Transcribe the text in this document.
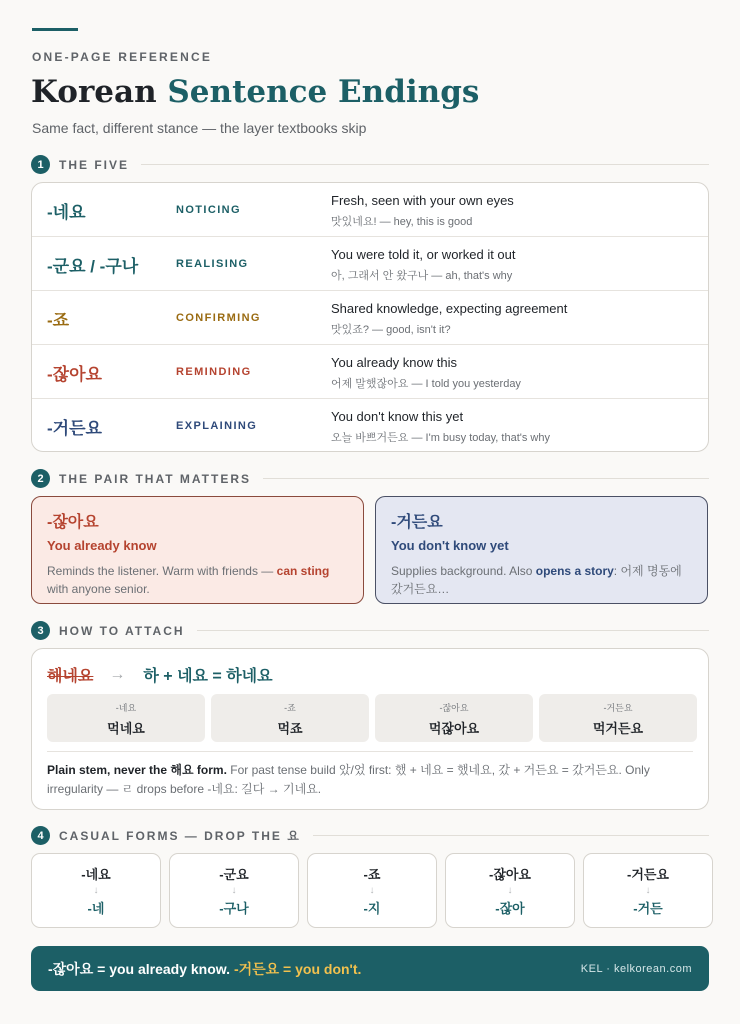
ONE-PAGE REFERENCE
Korean Sentence Endings
Same fact, different stance — the layer textbooks skip
1	THE FIVE
-네요	NOTICING
Fresh, seen with your own eyes
맛있네요! — hey, this is good
-군요 / -구나	REALISING
You were told it, or worked it out
아, 그래서 안 왔구나 — ah, that's why
-죠	CONFIRMING
Shared knowledge, expecting agreement
맛있죠? — good, isn't it?
-잖아요	REMINDING
You already know this
어제 말했잖아요 — I told you yesterday
-거든요	EXPLAINING
You don't know this yet
오늘 바쁘거든요 — I'm busy today, that's why
2	THE PAIR THAT MATTERS
-잖아요
You already know
Reminds the listener. Warm with friends — can sting with anyone senior.
-거든요
You don't know yet
Supplies background. Also opens a story: 어제 명동에 갔거든요…
3	HOW TO ATTACH
해네요 → 하 + 네요 = 하네요
-네요
먹네요
-죠
먹죠
-잖아요
먹잖아요
-거든요
먹거든요
Plain stem, never the 해요 form. For past tense build 았/었 first: 했 + 네요 = 했네요, 갔 + 거든요 = 갔거든요. Only irregularity — ㄹ drops before -네요: 길다 → 기네요.
4	CASUAL FORMS — DROP THE 요
-네요
↓
-네
-군요
↓
-구나
-죠
↓
-지
-잖아요
↓
-잖아
-거든요
↓
-거든
-잖아요 = you already know. -거든요 = you don't.	KEL · kelkorean.com
